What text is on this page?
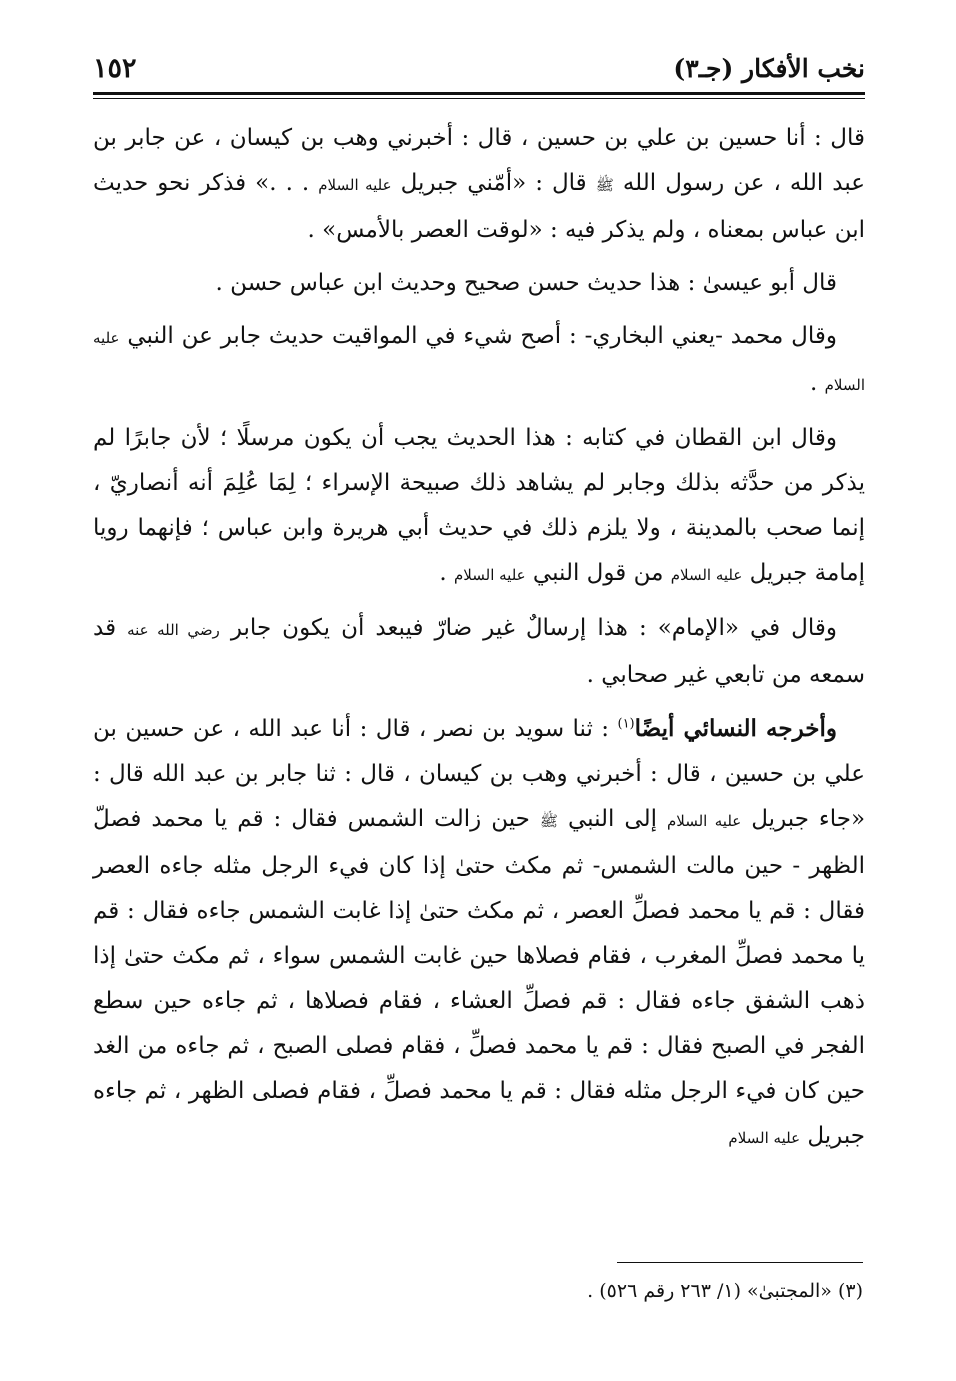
نخب الأفكار (جـ٣)
١٥٢

قال : أنا حسين بن علي بن حسين ، قال : أخبرني وهب بن كيسان ، عن جابر بن عبد الله ، عن رسول الله ﷺ قال : «أمّني جبريل عليه السلام . . .» فذكر نحو حديث ابن عباس بمعناه ، ولم يذكر فيه : «لوقت العصر بالأمس» .

قال أبو عيسىٰ : هذا حديث حسن صحيح وحديث ابن عباس حسن .

وقال محمد -يعني البخاري- : أصح شيء في المواقيت حديث جابر عن النبي عليه السلام .

وقال ابن القطان في كتابه : هذا الحديث يجب أن يكون مرسلًا ؛ لأن جابرًا لم يذكر من حدَّثه بذلك وجابر لم يشاهد ذلك صبيحة الإسراء ؛ لِمَا عُلِمَ أنه أنصاريّ ، إنما صحب بالمدينة ، ولا يلزم ذلك في حديث أبي هريرة وابن عباس ؛ فإنهما رويا إمامة جبريل عليه السلام من قول النبي عليه السلام .

وقال في «الإمام» : هذا إرسالٌ غير ضارّ فيبعد أن يكون جابر رضي الله عنه قد سمعه من تابعي غير صحابي .

وأخرجه النسائي أيضًا$^{(١)}$ : ثنا سويد بن نصر ، قال : أنا عبد الله ، عن حسين بن علي بن حسين ، قال : أخبرني وهب بن كيسان ، قال : ثنا جابر بن عبد الله قال : «جاء جبريل عليه السلام إلى النبي ﷺ حين زالت الشمس فقال : قم يا محمد فصلّ الظهر - حين مالت الشمس- ثم مكث حتىٰ إذا كان فيء الرجل مثله جاءه العصر فقال : قم يا محمد فصلِّ العصر ، ثم مكث حتىٰ إذا غابت الشمس جاءه فقال : قم يا محمد فصلِّ المغرب ، فقام فصلاها حين غابت الشمس سواء ، ثم مكث حتىٰ إذا ذهب الشفق جاءه فقال : قم فصلِّ العشاء ، فقام فصلاها ، ثم جاءه حين سطع الفجر في الصبح فقال : قم يا محمد فصلِّ ، فقام فصلى الصبح ، ثم جاءه من الغد حين كان فيء الرجل مثله فقال : قم يا محمد فصلِّ ، فقام فصلى الظهر ، ثم جاءه جبريل عليه السلام

(٣) «المجتبىٰ» (١/ ٢٦٣ رقم ٥٢٦) .
